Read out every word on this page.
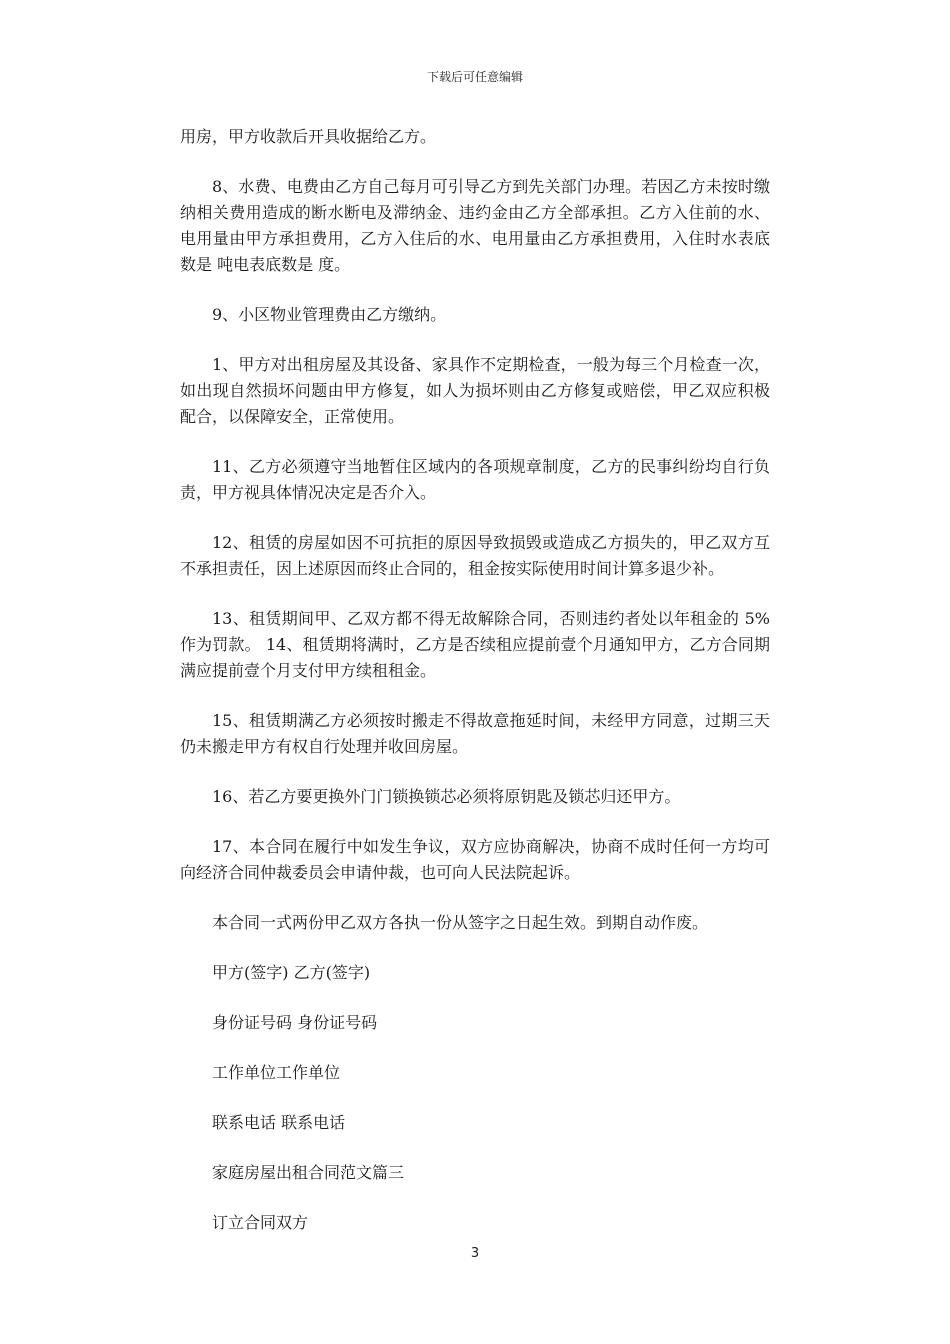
下载后可任意编辑

用房，甲方收款后开具收据给乙方。

8、水费、电费由乙方自己每月可引导乙方到先关部门办理。若因乙方未按时缴纳相关费用造成的断水断电及滞纳金、违约金由乙方全部承担。乙方入住前的水、电用量由甲方承担费用，乙方入住后的水、电用量由乙方承担费用，入住时水表底数是 吨电表底数是 度。

9、小区物业管理费由乙方缴纳。

1、甲方对出租房屋及其设备、家具作不定期检查，一般为每三个月检查一次，如出现自然损坏问题由甲方修复，如人为损坏则由乙方修复或赔偿，甲乙双应积极配合，以保障安全，正常使用。

11、乙方必须遵守当地暂住区域内的各项规章制度，乙方的民事纠纷均自行负责，甲方视具体情况决定是否介入。

12、租赁的房屋如因不可抗拒的原因导致损毁或造成乙方损失的，甲乙双方互不承担责任，因上述原因而终止合同的，租金按实际使用时间计算多退少补。

13、租赁期间甲、乙双方都不得无故解除合同，否则违约者处以年租金的 5%作为罚款。 14、租赁期将满时，乙方是否续租应提前壹个月通知甲方，乙方合同期满应提前壹个月支付甲方续租租金。

15、租赁期满乙方必须按时搬走不得故意拖延时间，未经甲方同意，过期三天仍未搬走甲方有权自行处理并收回房屋。

16、若乙方要更换外门门锁换锁芯必须将原钥匙及锁芯归还甲方。

17、本合同在履行中如发生争议，双方应协商解决，协商不成时任何一方均可向经济合同仲裁委员会申请仲裁，也可向人民法院起诉。

本合同一式两份甲乙双方各执一份从签字之日起生效。到期自动作废。

甲方(签字) 乙方(签字)

身份证号码 身份证号码

工作单位工作单位

联系电话 联系电话

家庭房屋出租合同范文篇三

订立合同双方

3
